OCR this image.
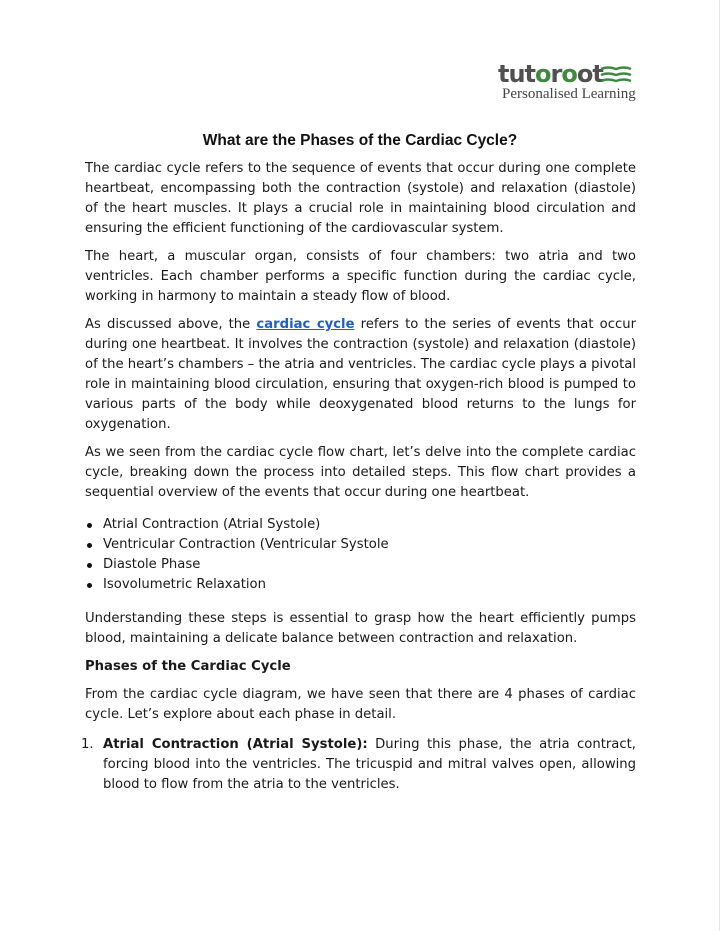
tutoroot
Personalised Learning
What are the Phases of the Cardiac Cycle?

The cardiac cycle refers to the sequence of events that occur during one complete heartbeat, encompassing both the contraction (systole) and relaxation (diastole) of the heart muscles. It plays a crucial role in maintaining blood circulation and ensuring the efficient functioning of the cardiovascular system.

The heart, a muscular organ, consists of four chambers: two atria and two ventricles. Each chamber performs a specific function during the cardiac cycle, working in harmony to maintain a steady flow of blood.

As discussed above, the cardiac cycle refers to the series of events that occur during one heartbeat. It involves the contraction (systole) and relaxation (diastole) of the heart’s chambers – the atria and ventricles. The cardiac cycle plays a pivotal role in maintaining blood circulation, ensuring that oxygen-rich blood is pumped to various parts of the body while deoxygenated blood returns to the lungs for oxygenation.

As we seen from the cardiac cycle flow chart, let’s delve into the complete cardiac cycle, breaking down the process into detailed steps. This flow chart provides a sequential overview of the events that occur during one heartbeat.

Atrial Contraction (Atrial Systole)
Ventricular Contraction (Ventricular Systole
Diastole Phase
Isovolumetric Relaxation

Understanding these steps is essential to grasp how the heart efficiently pumps blood, maintaining a delicate balance between contraction and relaxation.

Phases of the Cardiac Cycle

From the cardiac cycle diagram, we have seen that there are 4 phases of cardiac cycle. Let’s explore about each phase in detail.

1. Atrial Contraction (Atrial Systole): During this phase, the atria contract, forcing blood into the ventricles. The tricuspid and mitral valves open, allowing blood to flow from the atria to the ventricles.
